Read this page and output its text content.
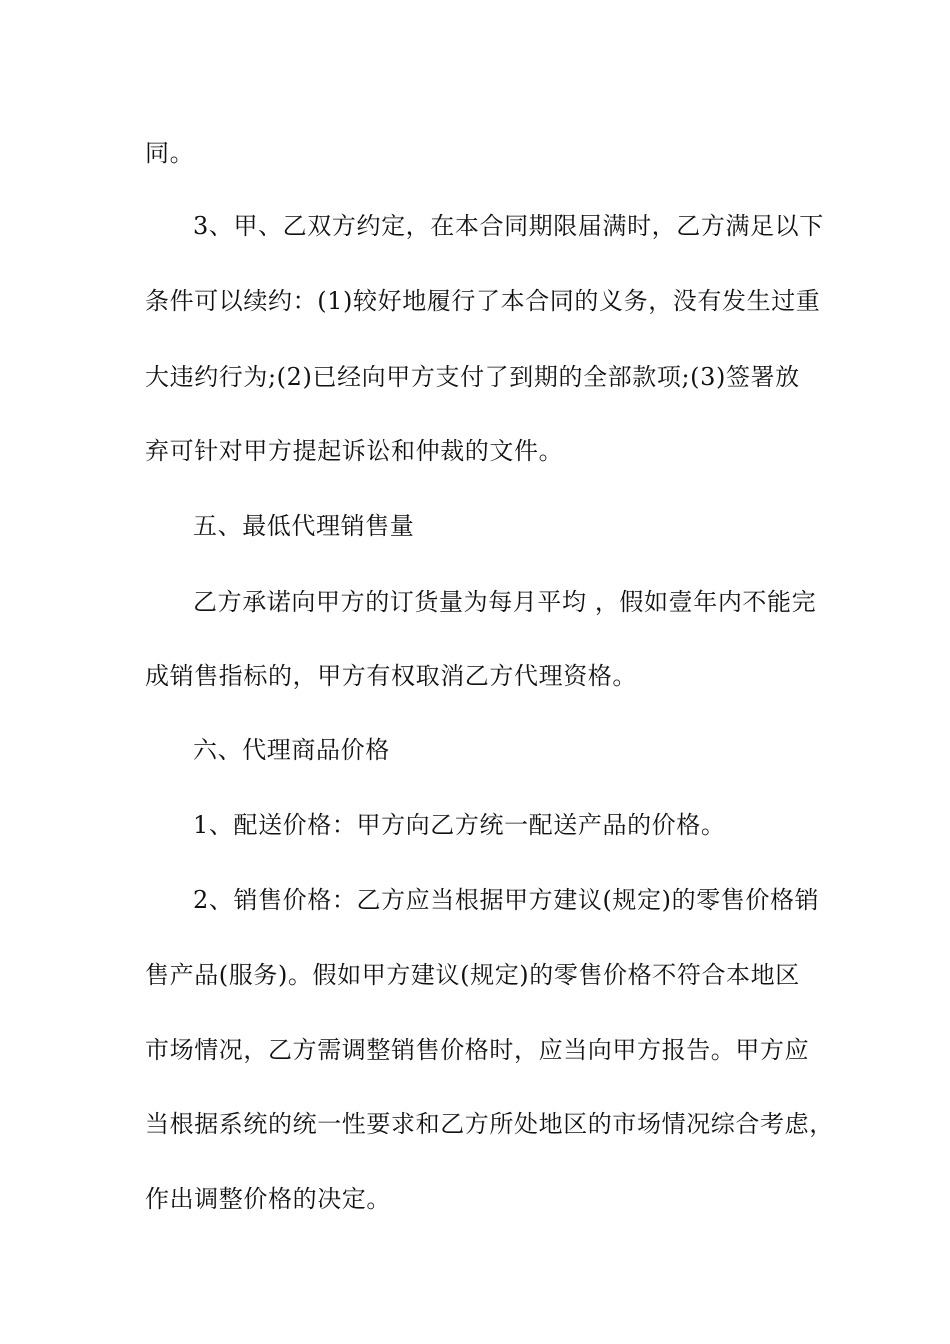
同。
3、甲、乙双方约定，在本合同期限届满时，乙方满足以下
条件可以续约：(1)较好地履行了本合同的义务，没有发生过重
大违约行为;(2)已经向甲方支付了到期的全部款项;(3)签署放
弃可针对甲方提起诉讼和仲裁的文件。
五、最低代理销售量
乙方承诺向甲方的订货量为每月平均 ，假如壹年内不能完
成销售指标的，甲方有权取消乙方代理资格。
六、代理商品价格
1、配送价格：甲方向乙方统一配送产品的价格。
2、销售价格：乙方应当根据甲方建议(规定)的零售价格销
售产品(服务)。假如甲方建议(规定)的零售价格不符合本地区
市场情况，乙方需调整销售价格时，应当向甲方报告。甲方应
当根据系统的统一性要求和乙方所处地区的市场情况综合考虑，
作出调整价格的决定。
